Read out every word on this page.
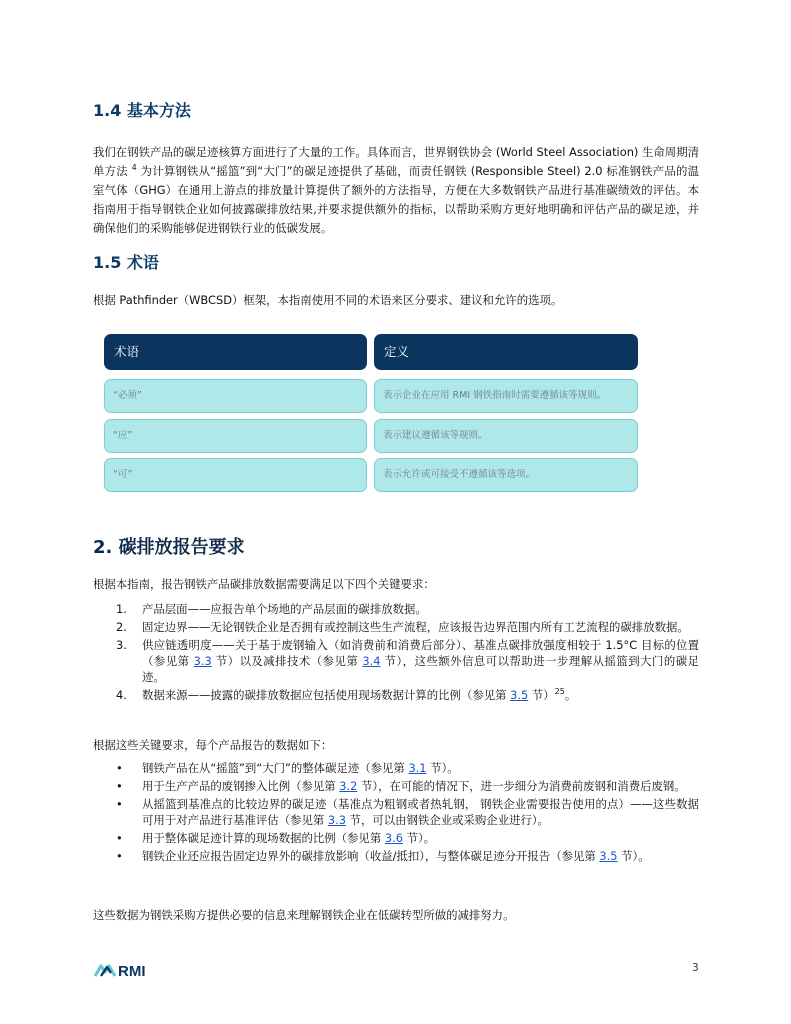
1.4 基本方法

我们在钢铁产品的碳足迹核算方面进行了大量的工作。具体而言，世界钢铁协会 (World Steel Association) 生命周期清单方法 $^4$ 为计算钢铁从“摇篮”到“大门”的碳足迹提供了基础，而责任钢铁 (Responsible Steel) 2.0 标准钢铁产品的温室气体（GHG）在通用上游点的排放量计算提供了额外的方法指导，方便在大多数钢铁产品进行基准碳绩效的评估。本指南用于指导钢铁企业如何披露碳排放结果,并要求提供额外的指标，以帮助采购方更好地明确和评估产品的碳足迹，并确保他们的采购能够促进钢铁行业的低碳发展。

1.5 术语

根据 Pathfinder（WBCSD）框架，本指南使用不同的术语来区分要求、建议和允许的选项。

术语	定义
“必须”	表示企业在应用 RMI 钢铁指南时需要遵循该等规则。
“应”	表示建议遵循该等规则。
“可”	表示允许或可接受不遵循该等选项。
2. 碳排放报告要求

根据本指南，报告钢铁产品碳排放数据需要满足以下四个关键要求：

1. 产品层面——应报告单个场地的产品层面的碳排放数据。
2. 固定边界——无论钢铁企业是否拥有或控制这些生产流程，应该报告边界范围内所有工艺流程的碳排放数据。
3. 供应链透明度——关于基于废钢输入（如消费前和消费后部分）、基准点碳排放强度相较于 1.5°C 目标的位置（参见第 3.3 节）以及减排技术（参见第 3.4 节），这些额外信息可以帮助进一步理解从摇篮到大门的碳足迹。
4. 数据来源——披露的碳排放数据应包括使用现场数据计算的比例（参见第 3.5 节）$^{25}$。

根据这些关键要求，每个产品报告的数据如下：

• 钢铁产品在从“摇篮”到“大门”的整体碳足迹（参见第 3.1 节）。
• 用于生产产品的废钢掺入比例（参见第 3.2 节），在可能的情况下，进一步细分为消费前废钢和消费后废钢。
• 从摇篮到基准点的比较边界的碳足迹（基准点为粗钢或者热轧钢， 钢铁企业需要报告使用的点）——这些数据可用于对产品进行基准评估（参见第 3.3 节，可以由钢铁企业或采购企业进行）。
• 用于整体碳足迹计算的现场数据的比例（参见第 3.6 节）。
• 钢铁企业还应报告固定边界外的碳排放影响（收益/抵扣），与整体碳足迹分开报告（参见第 3.5 节）。

这些数据为钢铁采购方提供必要的信息来理解钢铁企业在低碳转型所做的减排努力。

RMI	3
